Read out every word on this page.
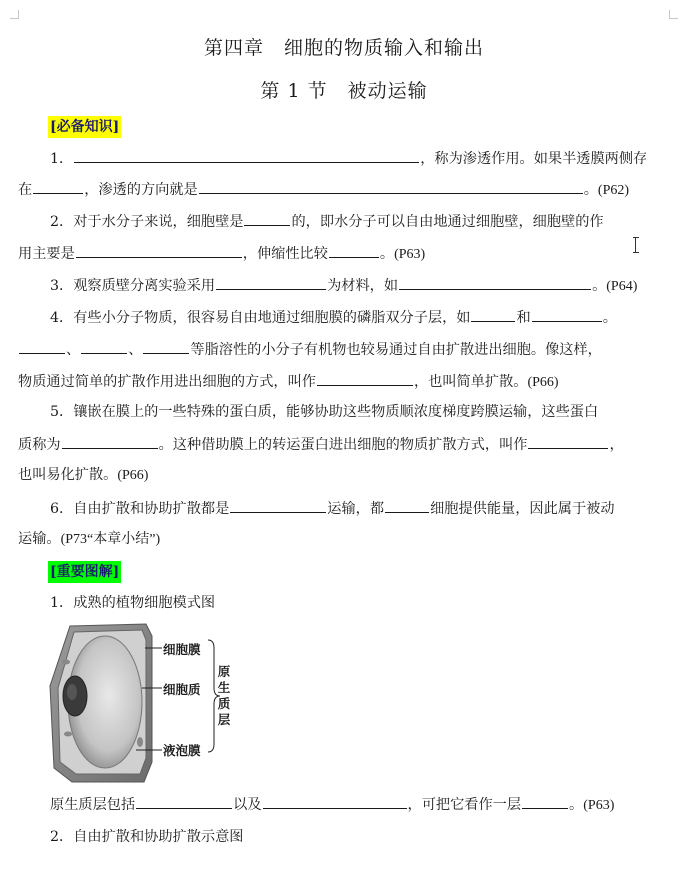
第四章　细胞的物质输入和输出
第 1 节　被动运输
[必备知识]
1．	，称为渗透作用。如果半透膜两侧存
在	，渗透的方向就是	。(P62)
2．对于水分子来说，细胞壁是	的，即水分子可以自由地通过细胞壁，细胞壁的作
用主要是	，伸缩性比较	。(P63)
3．观察质壁分离实验采用	为材料，如	。(P64)
4．有些小分子物质，很容易自由地通过细胞膜的磷脂双分子层，如	和	。
、	、	等脂溶性的小分子有机物也较易通过自由扩散进出细胞。像这样，
物质通过简单的扩散作用进出细胞的方式，叫作	，也叫简单扩散。(P66)
5．镶嵌在膜上的一些特殊的蛋白质，能够协助这些物质顺浓度梯度跨膜运输，这些蛋白
质称为	。这种借助膜上的转运蛋白进出细胞的物质扩散方式，叫作	，
也叫易化扩散。(P66)
6．自由扩散和协助扩散都是	运输，都	细胞提供能量，因此属于被动
运输。(P73“本章小结”)
[重要图解]
1．成熟的植物细胞模式图
细胞膜
细胞质
液泡膜
原生质层
原生质层包括	以及	，可把它看作一层	。(P63)
2．自由扩散和协助扩散示意图
